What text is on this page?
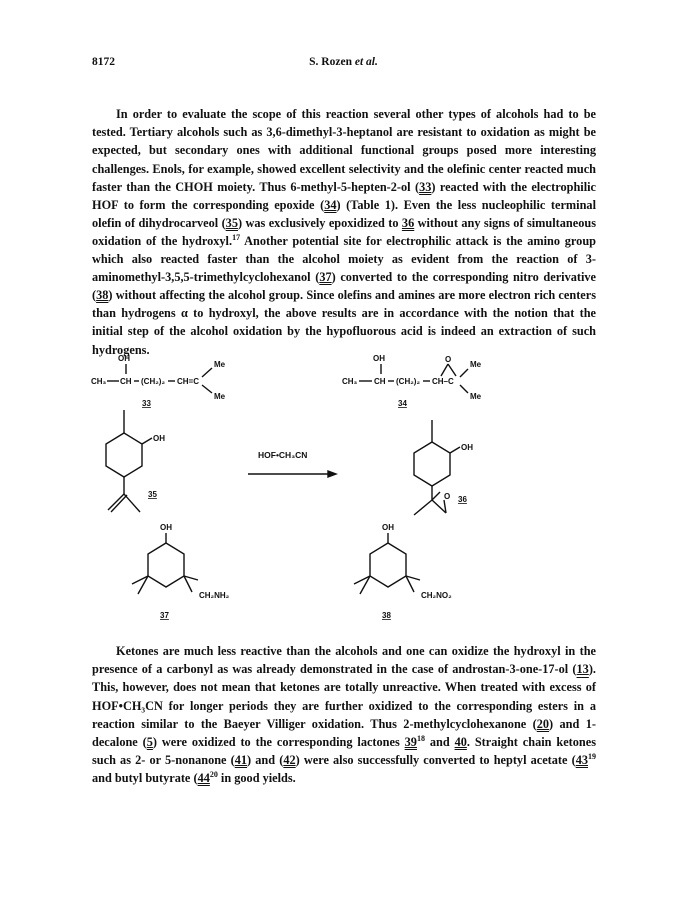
8172	S. Rozen et al.

In order to evaluate the scope of this reaction several other types of alcohols had to be tested. Tertiary alcohols such as 3,6-dimethyl-3-heptanol are resistant to oxidation as might be expected, but secondary ones with additional functional groups posed more interesting challenges. Enols, for example, showed excellent selectivity and the olefinic center reacted much faster than the CHOH moiety. Thus 6-methyl-5-hepten-2-ol (33) reacted with the electrophilic HOF to form the corresponding epoxide (34) (Table 1). Even the less nucleophilic terminal olefin of dihydrocarveol (35) was exclusively epoxidized to 36 without any signs of simultaneous oxidation of the hydroxyl.$^{17}$ Another potential site for electrophilic attack is the amino group which also reacted faster than the alcohol moiety as evident from the reaction of 3-aminomethyl-3,5,5-trimethylcyclohexanol (37) converted to the corresponding nitro derivative (38) without affecting the alcohol group. Since olefins and amines are more electron rich centers than hydrogens α to hydroxyl, the above results are in accordance with the notion that the initial step of the alcohol oxidation by the hypofluorous acid is indeed an extraction of such hydrogens.

OH
CH₃ CH (CH₂)₂ CH=C
Me
Me
33
OH
CH₃ CH (CH₂)₂ CH–C
O
Me
Me
34
OH
35
HOF•CH₃CN
OH
O 36
OH
CH₂NH₂
37
OH
CH₂NO₂
38

Ketones are much less reactive than the alcohols and one can oxidize the hydroxyl in the presence of a carbonyl as was already demonstrated in the case of androstan-3-one-17-ol (13). This, however, does not mean that ketones are totally unreactive. When treated with excess of HOF•CH₃CN for longer periods they are further oxidized to the corresponding esters in a reaction similar to the Baeyer Villiger oxidation. Thus 2-methylcyclohexanone (20) and 1-decalone (5) were oxidized to the corresponding lactones $39^{18}$ and 40. Straight chain ketones such as 2- or 5-nonanone (41) and (42) were also successfully converted to heptyl acetate ($43^{19}$ and butyl butyrate ($44^{20}$ in good yields.
